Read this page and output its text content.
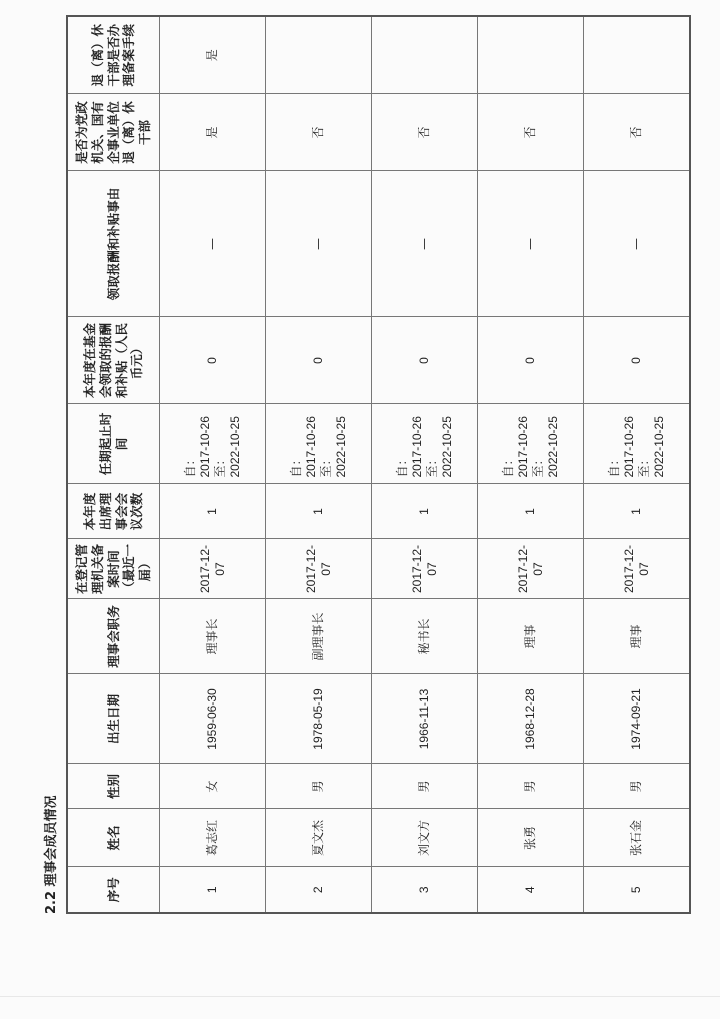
2.2 理事会成员情况	序号	姓名	性别	出生日期	理事会职务	在登记管理机关备案时间（最近一届）	本年度出席理事会会议次数	任期起止时间	本年度在基金会领取的报酬和补贴（人民币元）	领取报酬和补贴事由	是否为党政机关、国有企事业单位退（离）休干部	退（离）休干部是否办理备案手续
1	葛志红	女	1959-06-30	理事长	2017-12-07	1	自：
2017-10-26
至：
2022-10-25	0	—	是	是
2	夏文杰	男	1978-05-19	副理事长	2017-12-07	1	自：
2017-10-26
至：
2022-10-25	0	—	否	
3	刘文方	男	1966-11-13	秘书长	2017-12-07	1	自：
2017-10-26
至：
2022-10-25	0	—	否	
4	张勇	男	1968-12-28	理事	2017-12-07	1	自：
2017-10-26
至：
2022-10-25	0	—	否	
5	张石金	男	1974-09-21	理事	2017-12-07	1	自：
2017-10-26
至：
2022-10-25	0	—	否	
